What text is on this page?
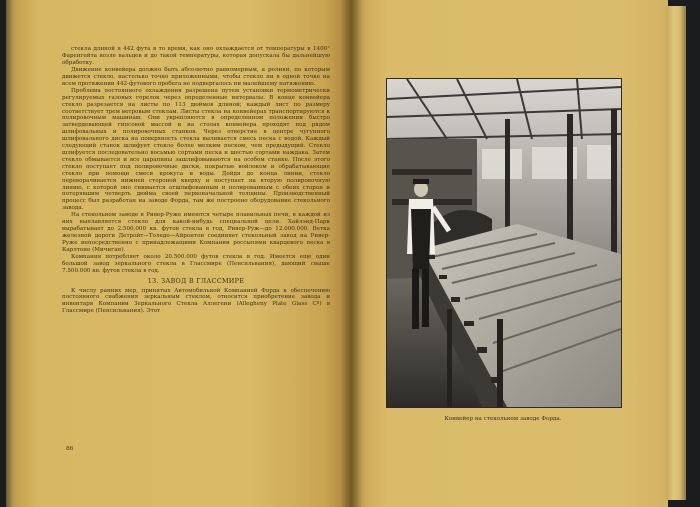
стекла длиной в 442 фута в то время, как оно охлаждается от температуры в 1400° Фаренгейта возле вальцев и до такой температуры, которая допускала бы дальнейшую обработку.

Движение конвейера должно быть абсолютно равномерным, а ролики, по которым движется стекло, настолько точно приложенными, чтобы стекло ни в одной точке на всем протяжении 442-футового пробега не подвергалось ни малейшему натяжению.

Проблема постоянного охлаждения разрешена путем установки термометрически регулируемых газовых горелок через определенные интервалы. В конце конвейера стекло разрезается на листы по 113 дюймов длиной; каждый лист по размеру соответствует трем ветровым стеклам. Листы стекла на конвейерах транспортируются к полировочным машинам. Они укрепляются в определенном положении быстро затвердевающей гипсовой массой и на столах конвейера проходят под рядом шлифовальных и полировочных станков. Через отверстие в центре чугунного шлифовального диска на поверхность стекла выливается смесь песка с водой. Каждый следующий станок шлифует стекло более мелким песком, чем предыдущий. Стекло шлифуется последовательно восьмью сортами песка и шестью сортами наждака. Затем стекло обмывается и все царапины зашлифовываются на особом станке. После этого стекло поступает под полировочные диски, покрытые войлоком и обрабатывающие стекло при помощи смеси крокуса и воды. Дойдя до конца линии, стекло переворачивается нижней стороной кверху и поступает на вторую полировочную линию, с которой оно снимается отшлифованным и полированным с обеих сторон и потерявшим четверть дюйма своей первоначальной толщины. Производственный процесс был разработан на заводе Форда, там же построено оборудование стекольного завода.

На стекольном заводе в Ривер-Руже имеются четыре плавильных печи, в каждой из них выплавляется стекло для какой-нибудь специальной цели. Хайлэнд-Парк вырабатывает до 2.500.000 кв. футов стекла в год, Ривер-Руж—до 12.000.000. Ветка железной дороги Детройт—Толедо—Айронтон соединяет стекольный завод на Ривер-Руже непосредственно с принадлежащими Компании россыпями кварцевого песка в Карлтоне (Мичиган).

Компания потребляет около 20.500.000 футов стекла в год. Имеется еще один большой завод зеркального стекла в Глассмире (Пенсильвания), дающий свыше 7.500.000 кв. футов стекла в год.

13. ЗАВОД В ГЛАССМИРЕ

К числу ранних мер, принятых Автомобильной Компанией Форда к обеспечению постоянного снабжения зеркальным стеклом, относится приобретение завода и инвентаря Компании Зеркального Стекла Аллегени (Allegheny Plate Glass Cº) в Глассмире (Пенсильвания). Этот

86
Конвейер на стекольном заводе Форда.
